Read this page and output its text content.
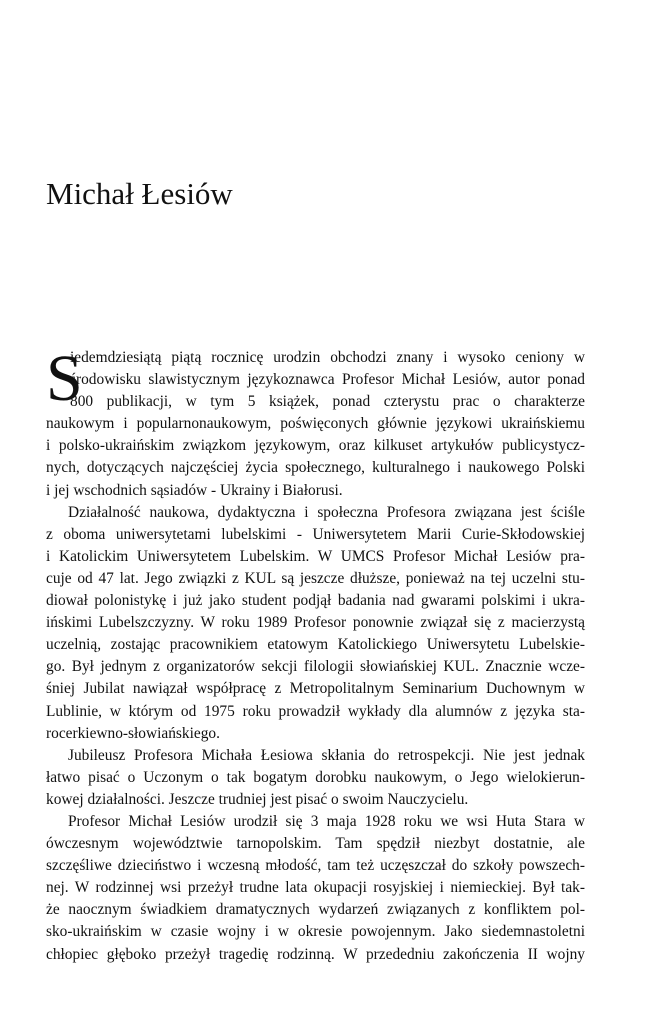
Michał Łesiów
S
iedemdziesiątą piątą rocznicę urodzin obchodzi znany i wysoko ceniony w
środowisku slawistycznym językoznawca Profesor Michał Lesiów, autor ponad
800 publikacji, w tym 5 książek, ponad czterystu prac o charakterze
naukowym i popularnonaukowym, poświęconych głównie językowi ukraińskiemu
i polsko-ukraińskim związkom językowym, oraz kilkuset artykułów publicystycz-
nych, dotyczących najczęściej życia społecznego, kulturalnego i naukowego Polski
i jej wschodnich sąsiadów - Ukrainy i Białorusi.
Działalność naukowa, dydaktyczna i społeczna Profesora związana jest ściśle
z oboma uniwersytetami lubelskimi - Uniwersytetem Marii Curie-Skłodowskiej
i Katolickim Uniwersytetem Lubelskim. W UMCS Profesor Michał Lesiów pra-
cuje od 47 lat. Jego związki z KUL są jeszcze dłuższe, ponieważ na tej uczelni stu-
diował polonistykę i już jako student podjął badania nad gwarami polskimi i ukra-
ińskimi Lubelszczyzny. W roku 1989 Profesor ponownie związał się z macierzystą
uczelnią, zostając pracownikiem etatowym Katolickiego Uniwersytetu Lubelskie-
go. Był jednym z organizatorów sekcji filologii słowiańskiej KUL. Znacznie wcze-
śniej Jubilat nawiązał współpracę z Metropolitalnym Seminarium Duchownym w
Lublinie, w którym od 1975 roku prowadził wykłady dla alumnów z języka sta-
rocerkiewno-słowiańskiego.
Jubileusz Profesora Michała Łesiowa skłania do retrospekcji. Nie jest jednak
łatwo pisać o Uczonym o tak bogatym dorobku naukowym, o Jego wielokierun-
kowej działalności. Jeszcze trudniej jest pisać o swoim Nauczycielu.
Profesor Michał Lesiów urodził się 3 maja 1928 roku we wsi Huta Stara w
ówczesnym województwie tarnopolskim. Tam spędził niezbyt dostatnie, ale
szczęśliwe dzieciństwo i wczesną młodość, tam też uczęszczał do szkoły powszech-
nej. W rodzinnej wsi przeżył trudne lata okupacji rosyjskiej i niemieckiej. Był tak-
że naocznym świadkiem dramatycznych wydarzeń związanych z konfliktem pol-
sko-ukraińskim w czasie wojny i w okresie powojennym. Jako siedemnastoletni
chłopiec głęboko przeżył tragedię rodzinną. W przededniu zakończenia II wojny
